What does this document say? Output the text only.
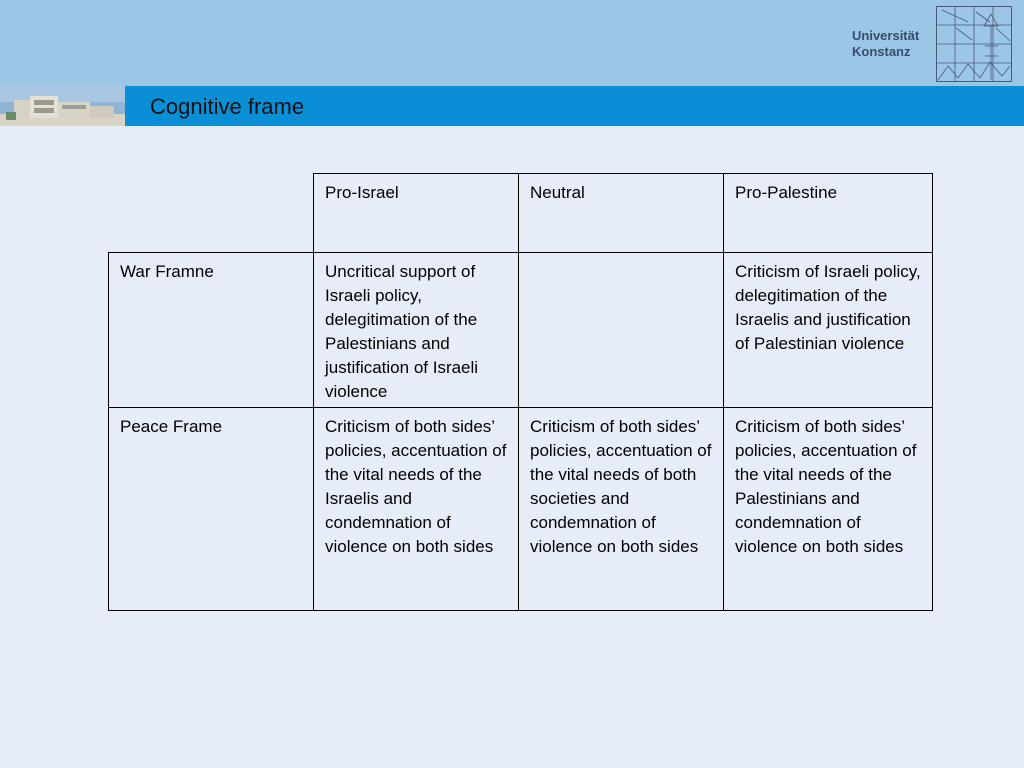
Universität
Konstanz
Cognitive frame
	Pro-Israel	Neutral	Pro-Palestine
War Framne	Uncritical support of Israeli policy, delegitimation of the Palestinians and justification of Israeli violence		Criticism of Israeli policy, delegitimation of the Israelis and justification of Palestinian violence
Peace Frame	Criticism of both sides’ policies, accentuation of the vital needs of the Israelis and condemnation of violence on both sides	Criticism of both sides’ policies, accentuation of the vital needs of both societies and condemnation of violence on both sides	Criticism of both sides’ policies, accentuation of the vital needs of the Palestinians and condemnation of violence on both sides
